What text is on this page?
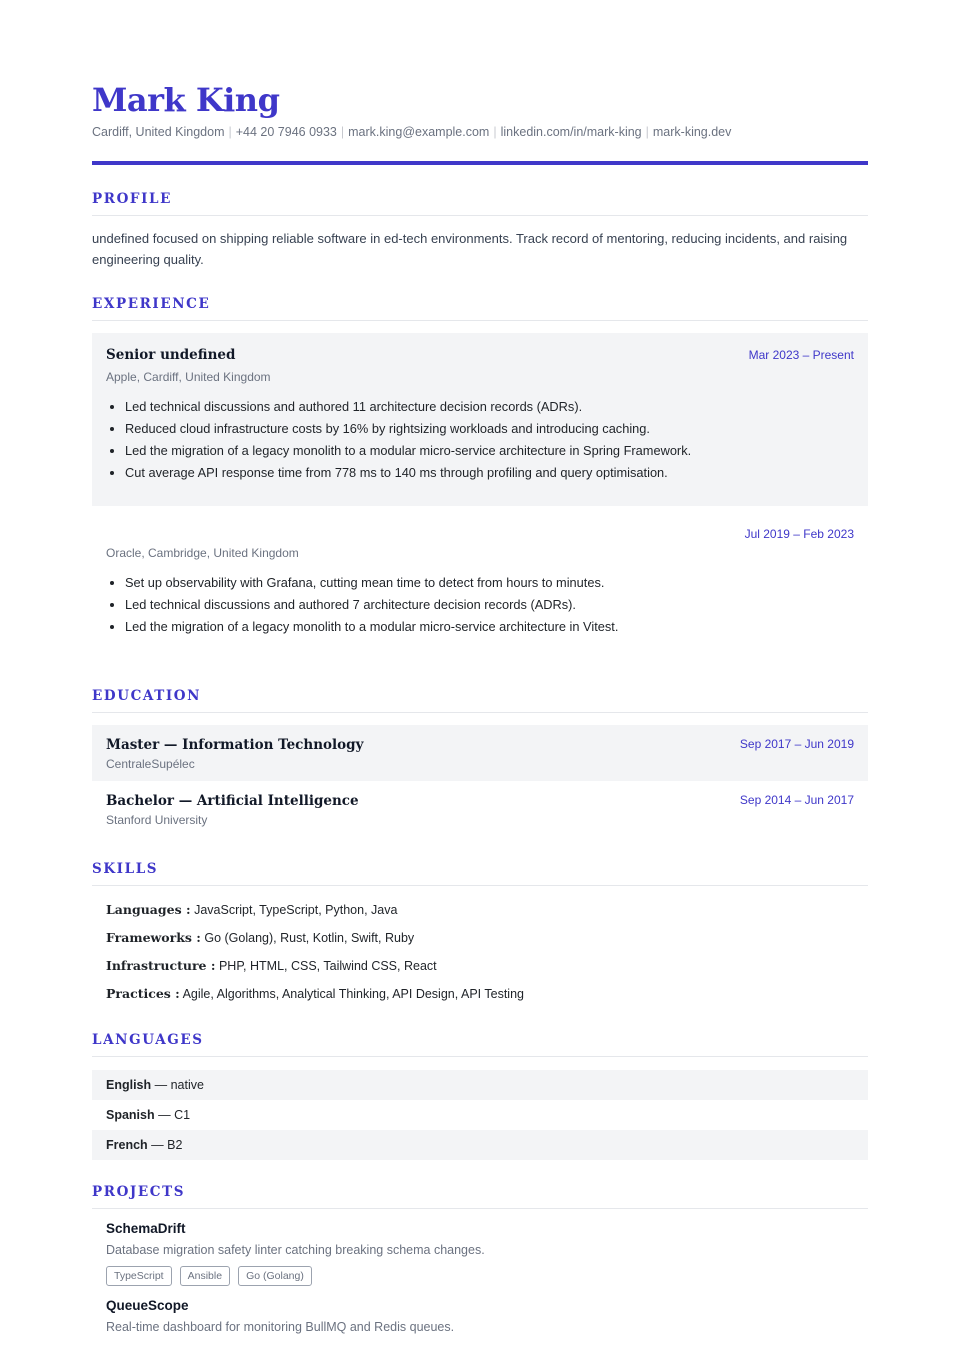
Mark King
Cardiff, United Kingdom | +44 20 7946 0933 | mark.king@example.com | linkedin.com/in/mark-king | mark-king.dev
PROFILE
undefined focused on shipping reliable software in ed-tech environments. Track record of mentoring, reducing incidents, and raising engineering quality.
EXPERIENCE
Senior undefined	Mar 2023 – Present
Apple, Cardiff, United Kingdom
• Led technical discussions and authored 11 architecture decision records (ADRs).
• Reduced cloud infrastructure costs by 16% by rightsizing workloads and introducing caching.
• Led the migration of a legacy monolith to a modular micro-service architecture in Spring Framework.
• Cut average API response time from 778 ms to 140 ms through profiling and query optimisation.
Jul 2019 – Feb 2023
Oracle, Cambridge, United Kingdom
• Set up observability with Grafana, cutting mean time to detect from hours to minutes.
• Led technical discussions and authored 7 architecture decision records (ADRs).
• Led the migration of a legacy monolith to a modular micro-service architecture in Vitest.
EDUCATION
Master — Information Technology
CentraleSupélec
Sep 2017 – Jun 2019
Bachelor — Artificial Intelligence
Stanford University
Sep 2014 – Jun 2017
SKILLS
Languages : JavaScript, TypeScript, Python, Java
Frameworks : Go (Golang), Rust, Kotlin, Swift, Ruby
Infrastructure : PHP, HTML, CSS, Tailwind CSS, React
Practices : Agile, Algorithms, Analytical Thinking, API Design, API Testing
LANGUAGES
English — native
Spanish — C1
French — B2
PROJECTS
SchemaDrift
Database migration safety linter catching breaking schema changes.
TypeScript	Ansible	Go (Golang)
QueueScope
Real-time dashboard for monitoring BullMQ and Redis queues.
